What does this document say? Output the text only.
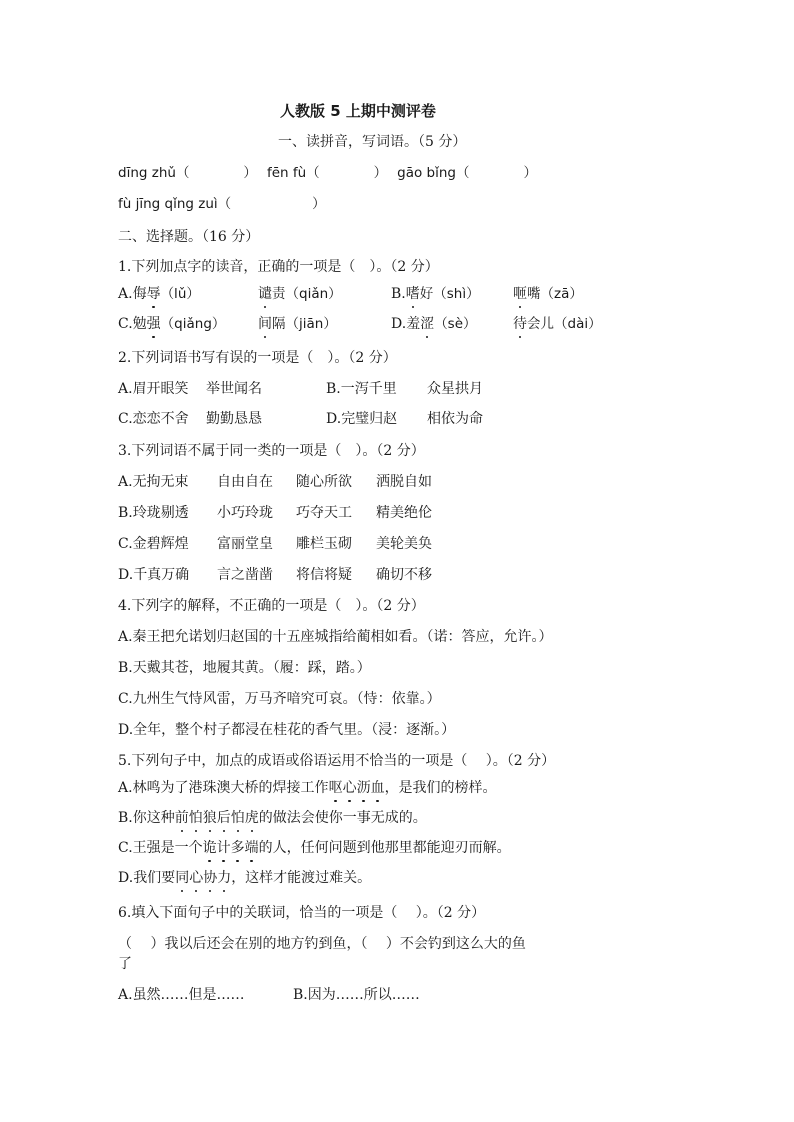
人教版 5 上期中测评卷
一、读拼音，写词语。（5 分）
dīng zhǔ（　　　　） fēn fù（　　　　） gāo bǐng（　　　　）
fù jīng qǐng zuì（　　　　　　）
二、选择题。（16 分）
1.下列加点字的读音，正确的一项是（　）。（2 分）
A.侮辱（lǔ）	谴责（qiǎn）	B.嗜好（shì） 咂嘴（zā）
C.勉强（qiǎng） 间隔（jiān）	D.羞涩（sè）	待会儿（dài）
2.下列词语书写有误的一项是（　）。（2 分）
A.眉开眼笑 举世闻名	B.一泻千里 众星拱月
C.恋恋不舍 勤勤恳恳	D.完璧归赵 相依为命
3.下列词语不属于同一类的一项是（　）。（2 分）
A.无拘无束 自由自在 随心所欲 洒脱自如
B.玲珑剔透 小巧玲珑 巧夺天工 精美绝伦
C.金碧辉煌 富丽堂皇 雕栏玉砌 美轮美奂
D.千真万确 言之凿凿 将信将疑 确切不移
4.下列字的解释，不正确的一项是（　）。（2 分）
A.秦王把允诺划归赵国的十五座城指给蔺相如看。（诺：答应，允许。）
B.天戴其苍，地履其黄。（履：踩，踏。）
C.九州生气恃风雷，万马齐喑究可哀。（恃：依靠。）
D.全年，整个村子都浸在桂花的香气里。（浸：逐渐。）
5.下列句子中，加点的成语或俗语运用不恰当的一项是（　 ）。（2 分）
A.林鸣为了港珠澳大桥的焊接工作呕心沥血，是我们的榜样。
B.你这种前怕狼后怕虎的做法会使你一事无成的。
C.王强是一个诡计多端的人，任何问题到他那里都能迎刃而解。
D.我们要同心协力，这样才能渡过难关。
6.填入下面句子中的关联词，恰当的一项是（　 ）。（2 分）
（　 ）我以后还会在别的地方钓到鱼，（　 ）不会钓到这么大的鱼
了
A.虽然……但是……	B.因为……所以……
